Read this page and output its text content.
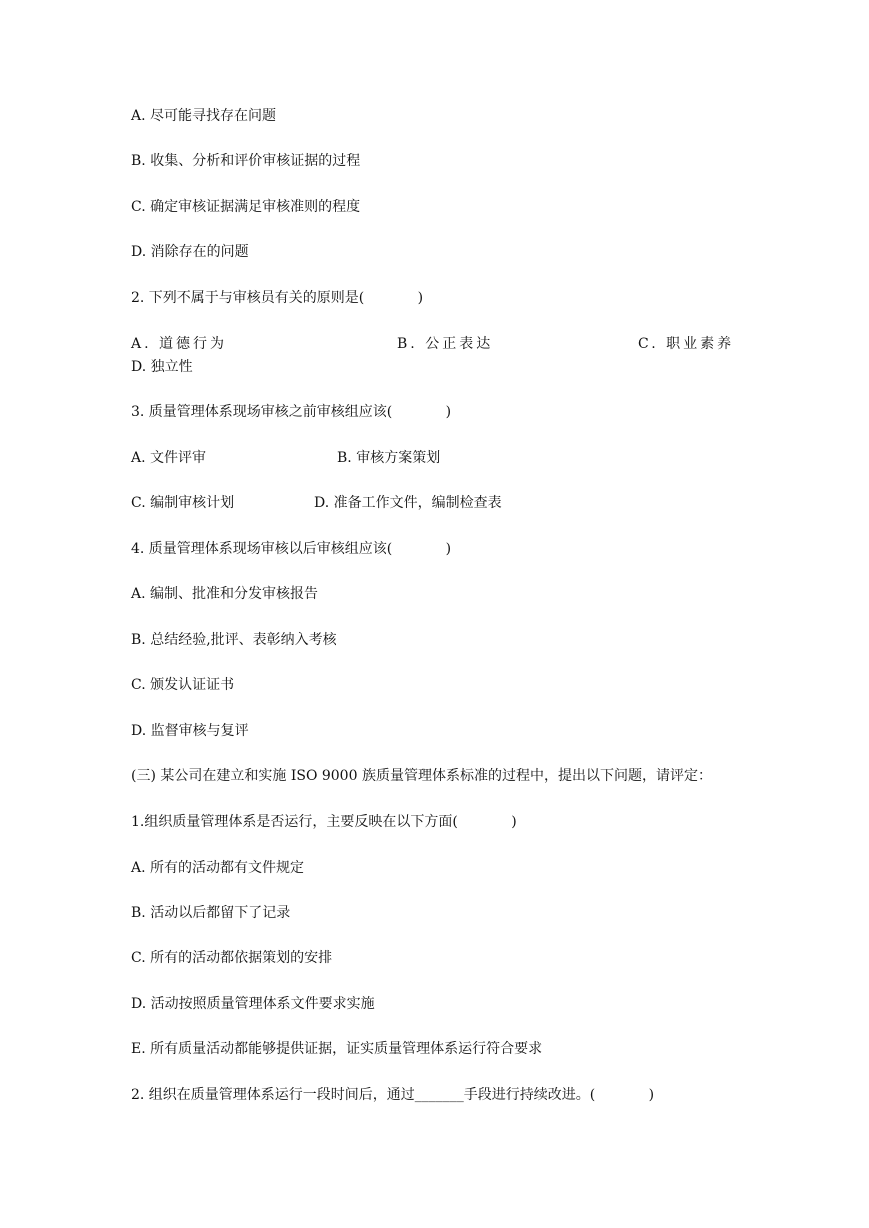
A. 尽可能寻找存在问题
B. 收集、分析和评价审核证据的过程
C. 确定审核证据满足审核准则的程度
D. 消除存在的问题
2. 下列不属于与审核员有关的原则是(            )
A. 道德行为	B. 公正表达	C. 职业素养
D. 独立性
3. 质量管理体系现场审核之前审核组应该(            )
A. 文件评审	B. 审核方案策划
C. 编制审核计划	D. 准备工作文件，编制检查表
4. 质量管理体系现场审核以后审核组应该(            )
A. 编制、批准和分发审核报告
B. 总结经验,批评、表彰纳入考核
C. 颁发认证证书
D. 监督审核与复评
(三) 某公司在建立和实施 ISO 9000 族质量管理体系标准的过程中，提出以下问题，请评定：
1.组织质量管理体系是否运行，主要反映在以下方面(            )
A. 所有的活动都有文件规定
B. 活动以后都留下了记录
C. 所有的活动都依据策划的安排
D. 活动按照质量管理体系文件要求实施
E. 所有质量活动都能够提供证据，证实质量管理体系运行符合要求
2. 组织在质量管理体系运行一段时间后，通过_______手段进行持续改进。(            )
